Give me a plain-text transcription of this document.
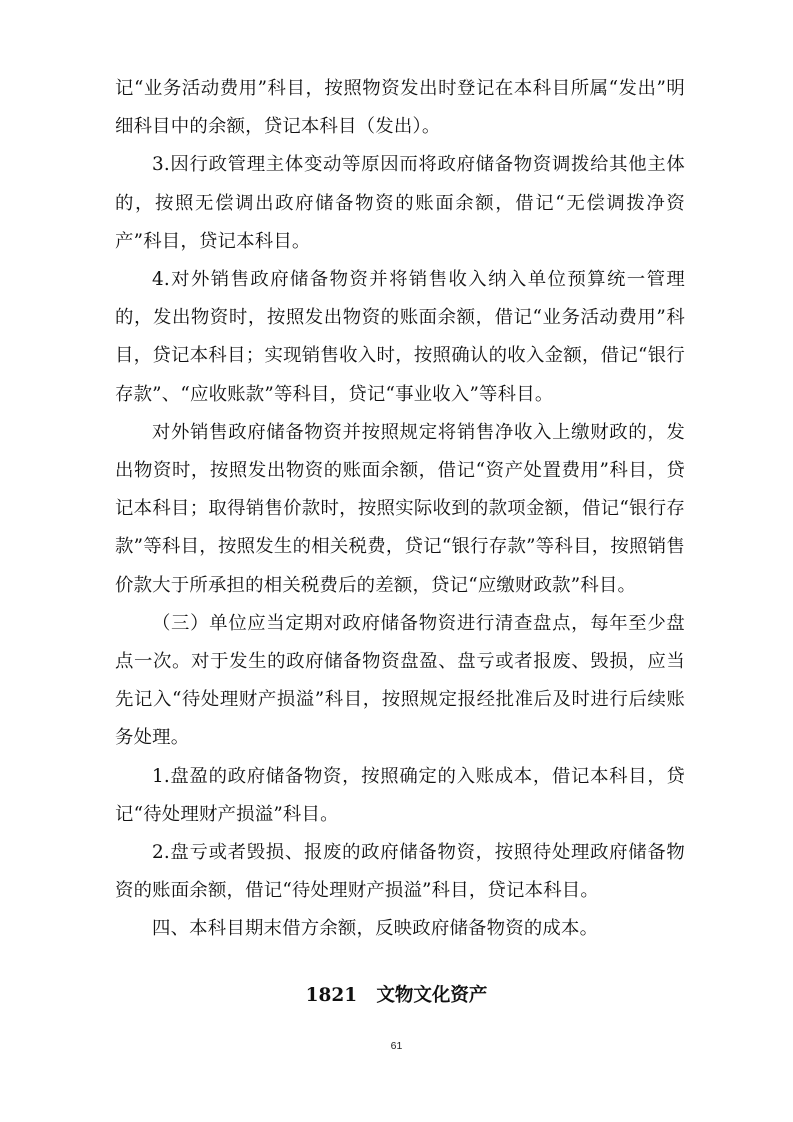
记“业务活动费用”科目，按照物资发出时登记在本科目所属“发出”明细科目中的余额，贷记本科目（发出）。

3.因行政管理主体变动等原因而将政府储备物资调拨给其他主体的，按照无偿调出政府储备物资的账面余额，借记“无偿调拨净资产”科目，贷记本科目。

4.对外销售政府储备物资并将销售收入纳入单位预算统一管理的，发出物资时，按照发出物资的账面余额，借记“业务活动费用”科目，贷记本科目；实现销售收入时，按照确认的收入金额，借记“银行存款”、“应收账款”等科目，贷记“事业收入”等科目。

对外销售政府储备物资并按照规定将销售净收入上缴财政的，发出物资时，按照发出物资的账面余额，借记“资产处置费用”科目，贷记本科目；取得销售价款时，按照实际收到的款项金额，借记“银行存款”等科目，按照发生的相关税费，贷记“银行存款”等科目，按照销售价款大于所承担的相关税费后的差额，贷记“应缴财政款”科目。

（三）单位应当定期对政府储备物资进行清查盘点，每年至少盘点一次。对于发生的政府储备物资盘盈、盘亏或者报废、毁损，应当先记入“待处理财产损溢”科目，按照规定报经批准后及时进行后续账务处理。

1.盘盈的政府储备物资，按照确定的入账成本，借记本科目，贷记“待处理财产损溢”科目。

2.盘亏或者毁损、报废的政府储备物资，按照待处理政府储备物资的账面余额，借记“待处理财产损溢”科目，贷记本科目。

四、本科目期末借方余额，反映政府储备物资的成本。

1821   文物文化资产
61
